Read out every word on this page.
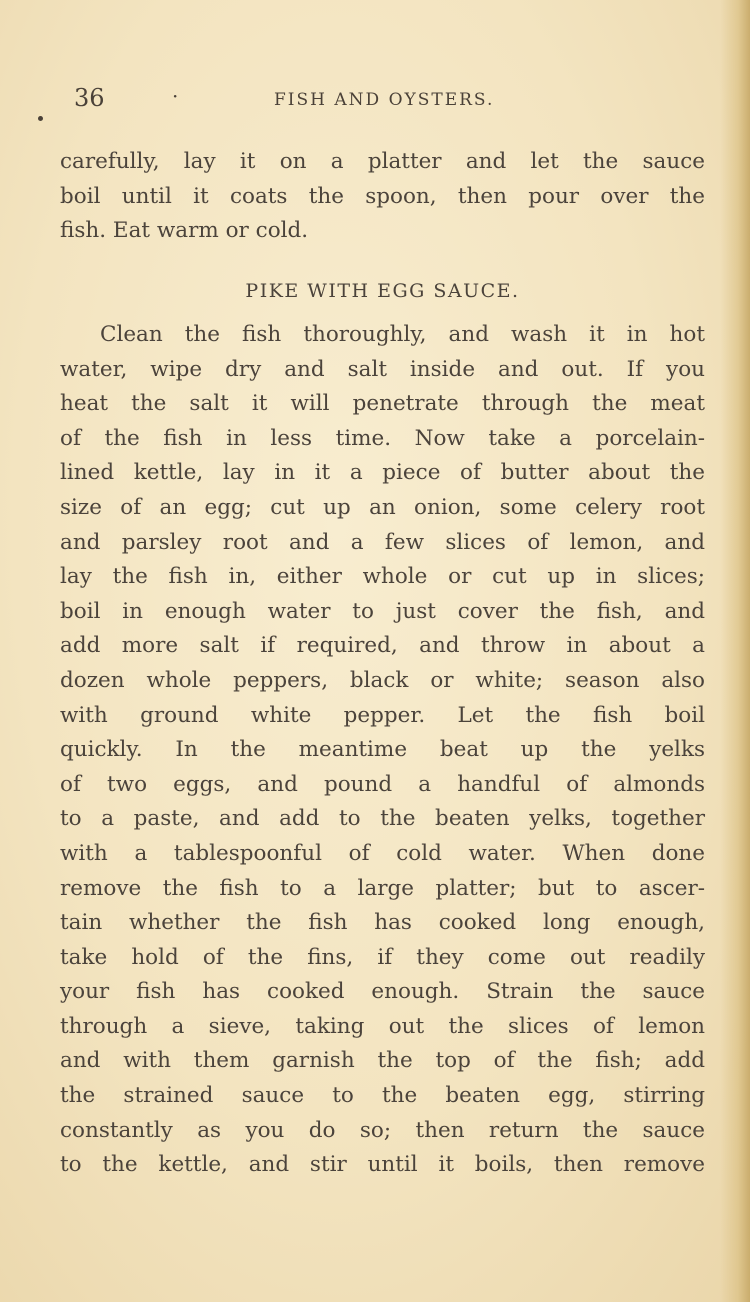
36	·	FISH AND OYSTERS.
carefully, lay it on a platter and let the sauce
boil until it coats the spoon, then pour over the
fish. Eat warm or cold.
PIKE WITH EGG SAUCE.
Clean the fish thoroughly, and wash it in hot
water, wipe dry and salt inside and out. If you
heat the salt it will penetrate through the meat
of the fish in less time. Now take a porcelain-
lined kettle, lay in it a piece of butter about the
size of an egg; cut up an onion, some celery root
and parsley root and a few slices of lemon, and
lay the fish in, either whole or cut up in slices;
boil in enough water to just cover the fish, and
add more salt if required, and throw in about a
dozen whole peppers, black or white; season also
with ground white pepper. Let the fish boil
quickly. In the meantime beat up the yelks
of two eggs, and pound a handful of almonds
to a paste, and add to the beaten yelks, together
with a tablespoonful of cold water. When done
remove the fish to a large platter; but to ascer-
tain whether the fish has cooked long enough,
take hold of the fins, if they come out readily
your fish has cooked enough. Strain the sauce
through a sieve, taking out the slices of lemon
and with them garnish the top of the fish; add
the strained sauce to the beaten egg, stirring
constantly as you do so; then return the sauce
to the kettle, and stir until it boils, then remove
